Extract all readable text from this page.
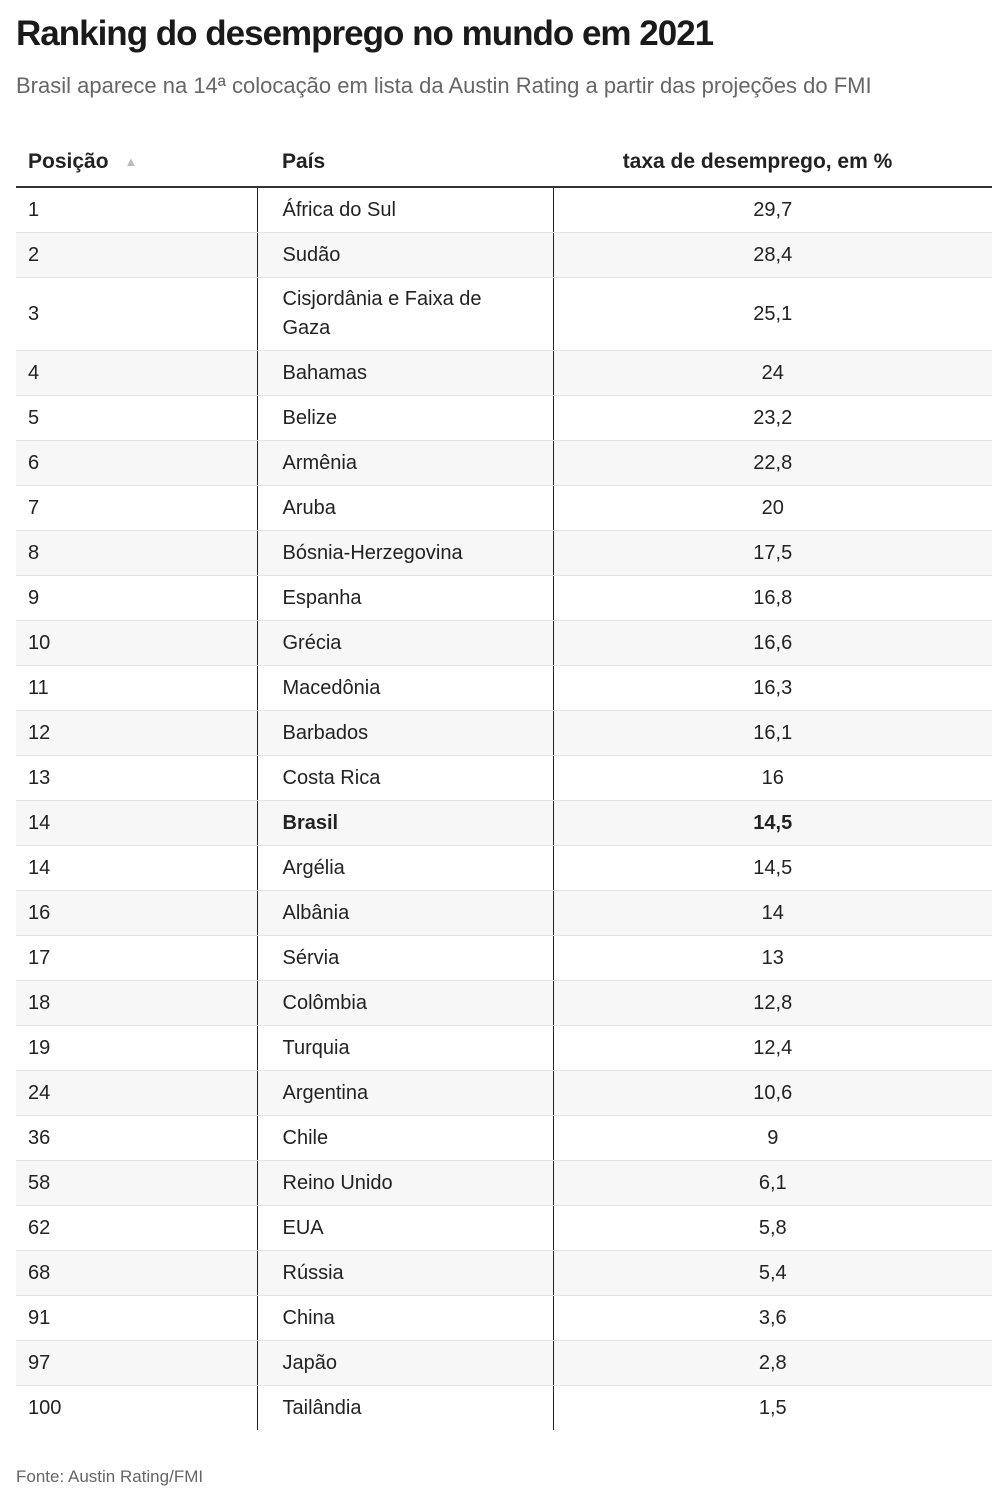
Ranking do desemprego no mundo em 2021

Brasil aparece na 14ª colocação em lista da Austin Rating a partir das projeções do FMI

Posição ▲	País	taxa de desemprego, em %
1	África do Sul	29,7
2	Sudão	28,4
3	Cisjordânia e Faixa de Gaza	25,1
4	Bahamas	24
5	Belize	23,2
6	Armênia	22,8
7	Aruba	20
8	Bósnia-Herzegovina	17,5
9	Espanha	16,8
10	Grécia	16,6
11	Macedônia	16,3
12	Barbados	16,1
13	Costa Rica	16
14	Brasil	14,5
14	Argélia	14,5
16	Albânia	14
17	Sérvia	13
18	Colômbia	12,8
19	Turquia	12,4
24	Argentina	10,6
36	Chile	9
58	Reino Unido	6,1
62	EUA	5,8
68	Rússia	5,4
91	China	3,6
97	Japão	2,8
100	Tailândia	1,5

Fonte: Austin Rating/FMI
